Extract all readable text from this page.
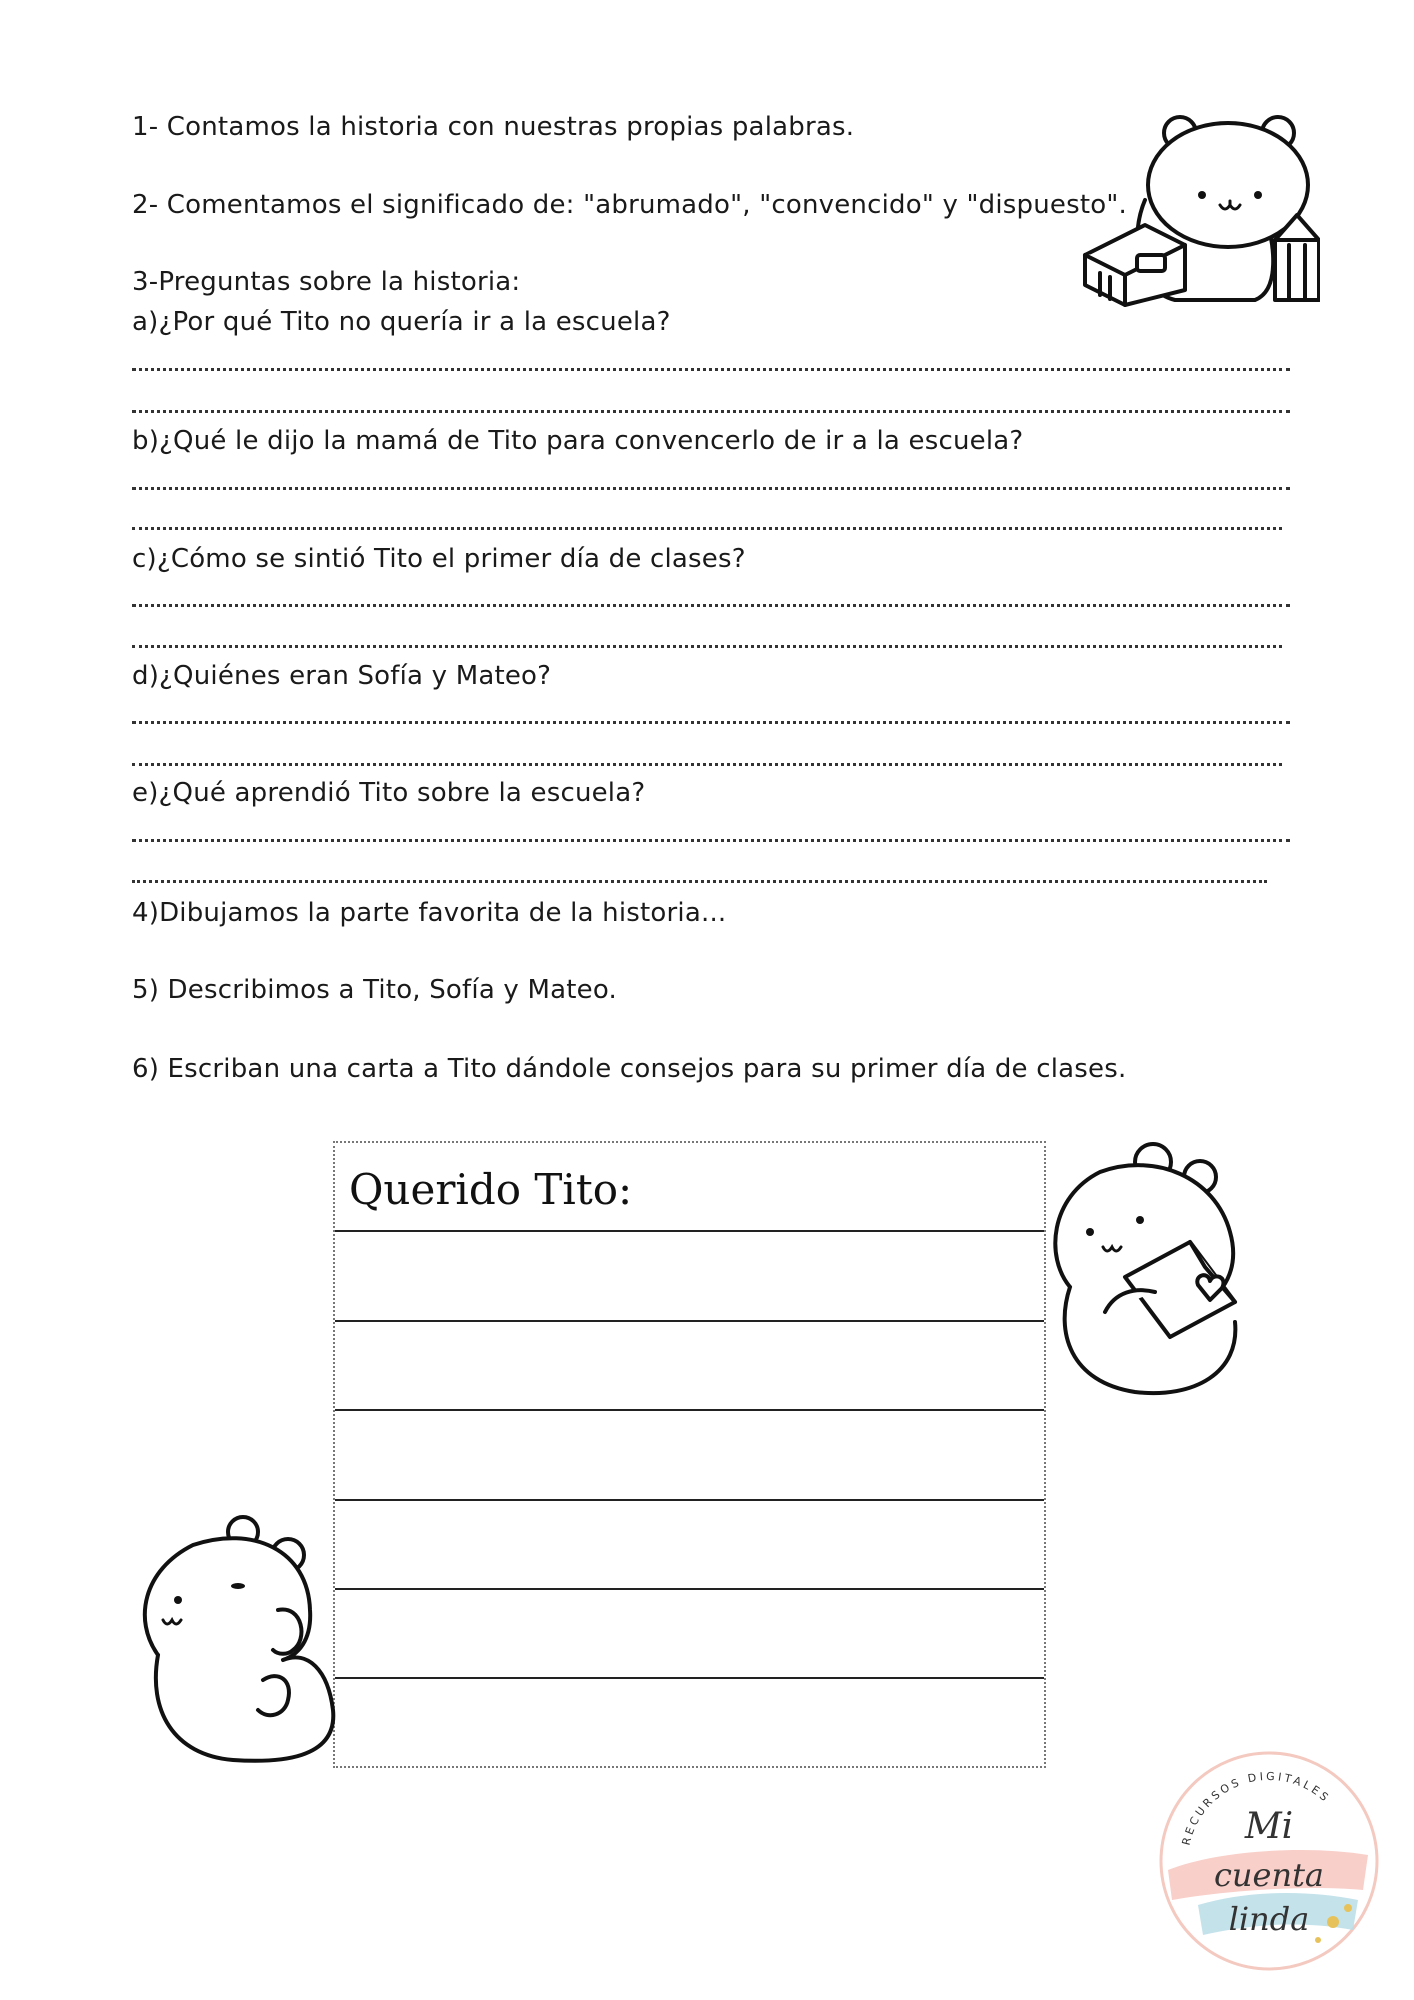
1- Contamos la historia con nuestras propias palabras.
2- Comentamos el significado de: "abrumado", "convencido" y "dispuesto".
3-Preguntas sobre la historia:
a)¿Por qué Tito no quería ir a la escuela?
b)¿Qué le dijo la mamá de Tito para convencerlo de ir a la escuela?
c)¿Cómo se sintió Tito el primer día de clases?
d)¿Quiénes eran Sofía y Mateo?
e)¿Qué aprendió Tito sobre la escuela?
4)Dibujamos la parte favorita de la historia...
5) Describimos a Tito, Sofía y Mateo.
6) Escriban una carta a Tito dándole consejos para su primer día de clases.
Querido Tito:
RECURSOS DIGITALES
Mi
cuenta
linda
